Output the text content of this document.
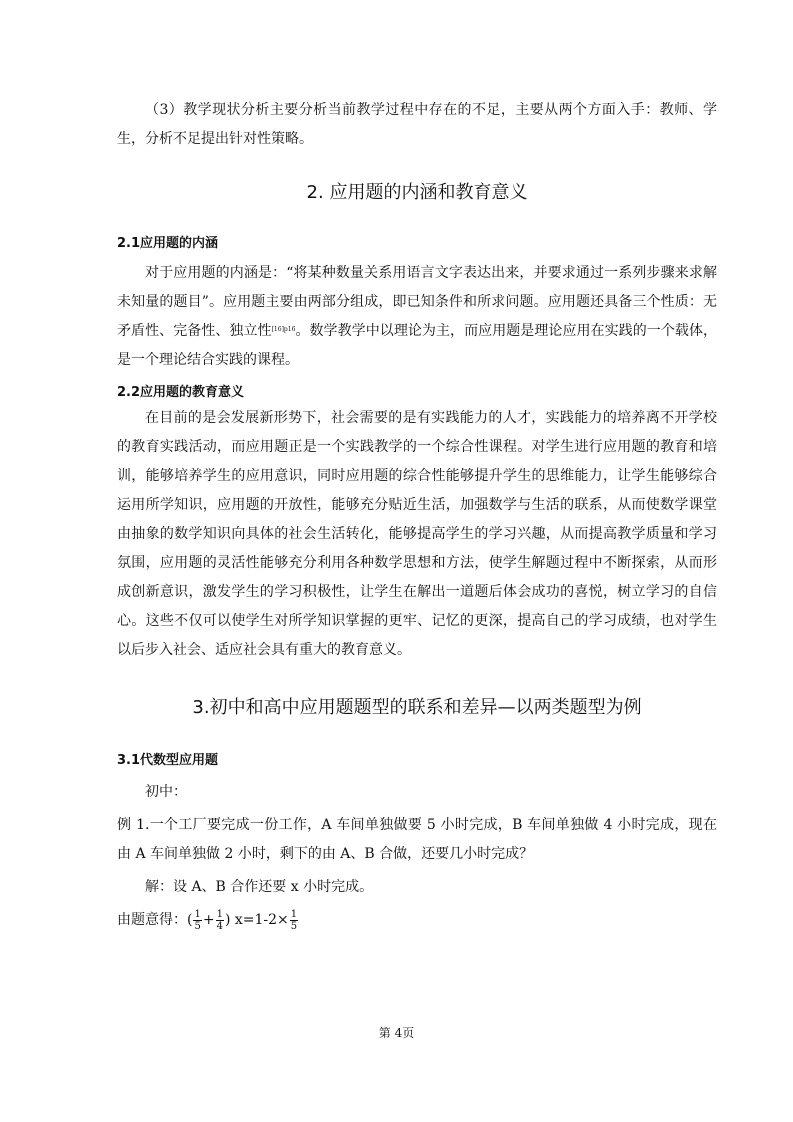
（3）教学现状分析主要分析当前教学过程中存在的不足，主要从两个方面入手：教师、学生，分析不足提出针对性策略。

2. 应用题的内涵和教育意义
2.1应用题的内涵

对于应用题的内涵是：“将某种数量关系用语言文字表达出来，并要求通过一系列步骤来求解未知量的题目”。应用题主要由两部分组成，即已知条件和所求问题。应用题还具备三个性质：无矛盾性、完备性、独立性$^{[16]p16}$。数学教学中以理论为主，而应用题是理论应用在实践的一个载体，是一个理论结合实践的课程。

2.2应用题的教育意义

在目前的是会发展新形势下，社会需要的是有实践能力的人才，实践能力的培养离不开学校的教育实践活动，而应用题正是一个实践教学的一个综合性课程。对学生进行应用题的教育和培训，能够培养学生的应用意识，同时应用题的综合性能够提升学生的思维能力，让学生能够综合运用所学知识，应用题的开放性，能够充分贴近生活，加强数学与生活的联系，从而使数学课堂由抽象的数学知识向具体的社会生活转化，能够提高学生的学习兴趣，从而提高教学质量和学习氛围，应用题的灵活性能够充分利用各种数学思想和方法，使学生解题过程中不断探索，从而形成创新意识，激发学生的学习积极性，让学生在解出一道题后体会成功的喜悦，树立学习的自信心。这些不仅可以使学生对所学知识掌握的更牢、记忆的更深，提高自己的学习成绩，也对学生以后步入社会、适应社会具有重大的教育意义。

3.初中和高中应用题题型的联系和差异—以两类题型为例
3.1代数型应用题

初中：

例 1.一个工厂要完成一份工作，A 车间单独做要 5 小时完成，B 车间单独做 4 小时完成，现在由 A 车间单独做 2 小时，剩下的由 A、B 合做，还要几小时完成？

解：设 A、B 合作还要 x 小时完成。

由题意得：( $\frac{1}{5} + \frac{1}{4}$ ) $x=1-2\times \frac{1}{5}$

第 4页
